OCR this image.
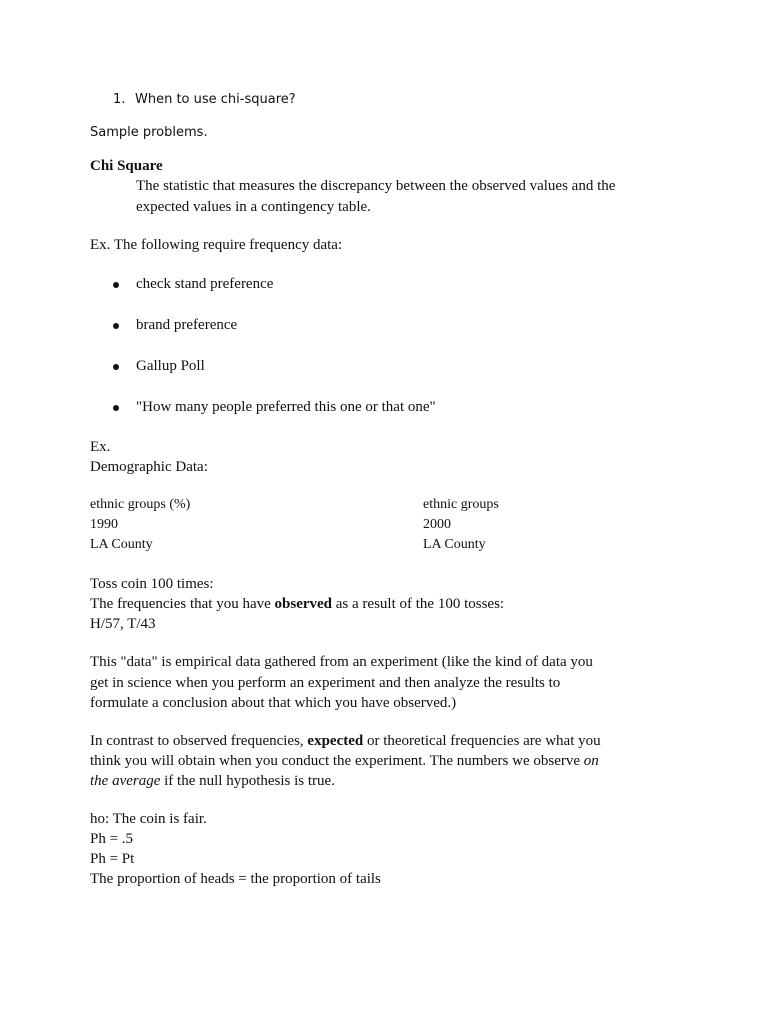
1. When to use chi-square?
Sample problems.
Chi Square
The statistic that measures the discrepancy between the observed values and the
expected values in a contingency table.
Ex. The following require frequency data:
check stand preference
brand preference
Gallup Poll
"How many people preferred this one or that one"
Ex.
Demographic Data:
ethnic groups (%)
1990
LA County
ethnic groups
2000
LA County
Toss coin 100 times:
The frequencies that you have observed as a result of the 100 tosses:
H/57, T/43
This "data" is empirical data gathered from an experiment (like the kind of data you
get in science when you perform an experiment and then analyze the results to
formulate a conclusion about that which you have observed.)
In contrast to observed frequencies, expected or theoretical frequencies are what you
think you will obtain when you conduct the experiment. The numbers we observe on
the average if the null hypothesis is true.
ho: The coin is fair.
Ph = .5
Ph = Pt
The proportion of heads = the proportion of tails
